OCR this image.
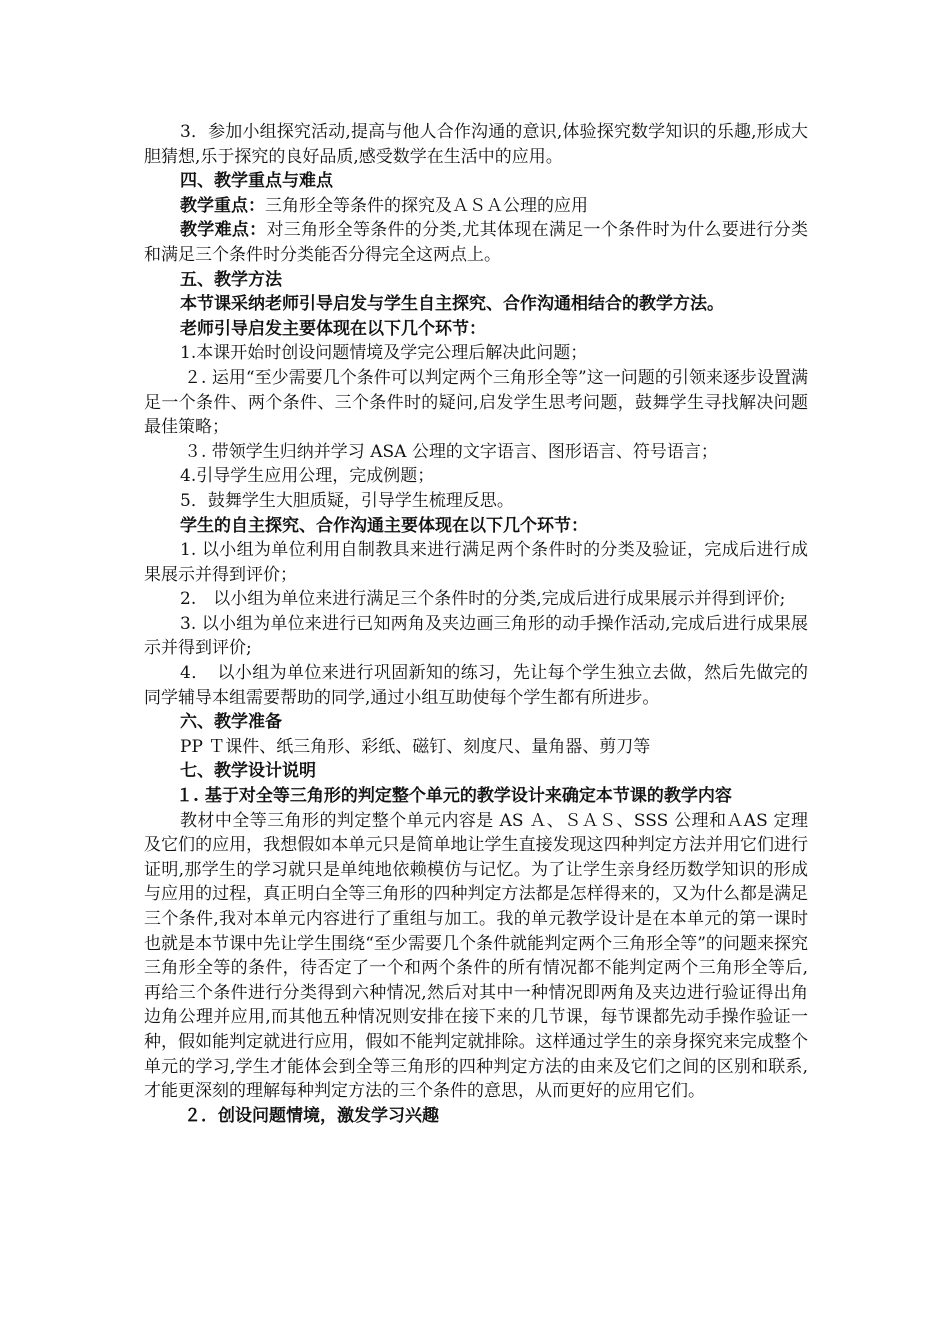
3．参加小组探究活动,提高与他人合作沟通的意识,体验探究数学知识的乐趣,形成大胆猜想,乐于探究的良好品质,感受数学在生活中的应用。

四、教学重点与难点

教学重点：三角形全等条件的探究及ＡＳＡ公理的应用

教学难点：对三角形全等条件的分类,尤其体现在满足一个条件时为什么要进行分类和满足三个条件时分类能否分得完全这两点上。

五、教学方法

本节课采纳老师引导启发与学生自主探究、合作沟通相结合的教学方法。

老师引导启发主要体现在以下几个环节：

1.本课开始时创设问题情境及学完公理后解决此问题；

２. 运用“至少需要几个条件可以判定两个三角形全等”这一问题的引领来逐步设置满足一个条件、两个条件、三个条件时的疑问,启发学生思考问题，鼓舞学生寻找解决问题最佳策略；

３. 带领学生归纳并学习 ASA 公理的文字语言、图形语言、符号语言；

4.引导学生应用公理，完成例题；

5．鼓舞学生大胆质疑，引导学生梳理反思。

学生的自主探究、合作沟通主要体现在以下几个环节：

1. 以小组为单位利用自制教具来进行满足两个条件时的分类及验证，完成后进行成果展示并得到评价；

2.　以小组为单位来进行满足三个条件时的分类,完成后进行成果展示并得到评价;

3. 以小组为单位来进行已知两角及夹边画三角形的动手操作活动,完成后进行成果展示并得到评价;

4．　以小组为单位来进行巩固新知的练习，先让每个学生独立去做，然后先做完的同学辅导本组需要帮助的同学,通过小组互助使每个学生都有所进步。

六、教学准备

PP Ｔ课件、纸三角形、彩纸、磁钉、刻度尺、量角器、剪刀等

七、教学设计说明

１. 基于对全等三角形的判定整个单元的教学设计来确定本节课的教学内容

教材中全等三角形的判定整个单元内容是 AS Ａ、ＳＡＳ、SSS 公理和ＡAS 定理及它们的应用，我想假如本单元只是简单地让学生直接发现这四种判定方法并用它们进行证明,那学生的学习就只是单纯地依赖模仿与记忆。为了让学生亲身经历数学知识的形成与应用的过程，真正明白全等三角形的四种判定方法都是怎样得来的，又为什么都是满足三个条件,我对本单元内容进行了重组与加工。我的单元教学设计是在本单元的第一课时也就是本节课中先让学生围绕“至少需要几个条件就能判定两个三角形全等”的问题来探究三角形全等的条件，待否定了一个和两个条件的所有情况都不能判定两个三角形全等后,再给三个条件进行分类得到六种情况,然后对其中一种情况即两角及夹边进行验证得出角边角公理并应用,而其他五种情况则安排在接下来的几节课，每节课都先动手操作验证一种，假如能判定就进行应用，假如不能判定就排除。这样通过学生的亲身探究来完成整个单元的学习,学生才能体会到全等三角形的四种判定方法的由来及它们之间的区别和联系,才能更深刻的理解每种判定方法的三个条件的意思，从而更好的应用它们。

２．创设问题情境，激发学习兴趣
